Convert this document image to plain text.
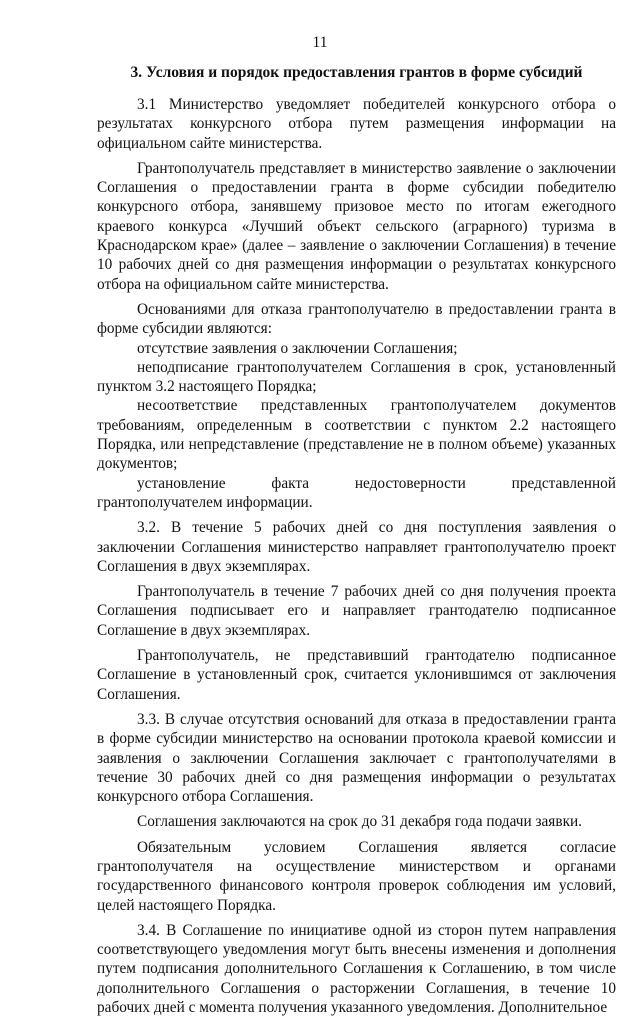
11
3. Условия и порядок предоставления грантов в форме субсидий

3.1 Министерство уведомляет победителей конкурсного отбора о результатах конкурсного отбора путем размещения информации на официальном сайте министерства.

Грантополучатель представляет в министерство заявление о заключении Соглашения о предоставлении гранта в форме субсидии победителю конкурсного отбора, занявшему призовое место по итогам ежегодного краевого конкурса «Лучший объект сельского (аграрного) туризма в Краснодарском крае» (далее – заявление о заключении Соглашения) в течение 10 рабочих дней со дня размещения информации о результатах конкурсного отбора на официальном сайте министерства.

Основаниями для отказа грантополучателю в предоставлении гранта в форме субсидии являются:

отсутствие заявления о заключении Соглашения;

неподписание грантополучателем Соглашения в срок, установленный пунктом 3.2 настоящего Порядка;

несоответствие представленных грантополучателем документов требованиям, определенным в соответствии с пунктом 2.2 настоящего Порядка, или непредставление (представление не в полном объеме) указанных документов;

установление факта недостоверности представленной грантополучателем информации.

3.2. В течение 5 рабочих дней со дня поступления заявления о заключении Соглашения министерство направляет грантополучателю проект Соглашения в двух экземплярах.

Грантополучатель в течение 7 рабочих дней со дня получения проекта Соглашения подписывает его и направляет грантодателю подписанное Соглашение в двух экземплярах.

Грантополучатель, не представивший грантодателю подписанное Соглашение в установленный срок, считается уклонившимся от заключения Соглашения.

3.3. В случае отсутствия оснований для отказа в предоставлении гранта в форме субсидии министерство на основании протокола краевой комиссии и заявления о заключении Соглашения заключает с грантополучателями в течение 30 рабочих дней со дня размещения информации о результатах конкурсного отбора Соглашения.

Соглашения заключаются на срок до 31 декабря года подачи заявки.

Обязательным условием Соглашения является согласие грантополучателя на осуществление министерством и органами государственного финансового контроля проверок соблюдения им условий, целей настоящего Порядка.

3.4. В Соглашение по инициативе одной из сторон путем направления соответствующего уведомления могут быть внесены изменения и дополнения путем подписания дополнительного Соглашения к Соглашению, в том числе дополнительного Соглашения о расторжении Соглашения, в течение 10 рабочих дней с момента получения указанного уведомления. Дополнительное
